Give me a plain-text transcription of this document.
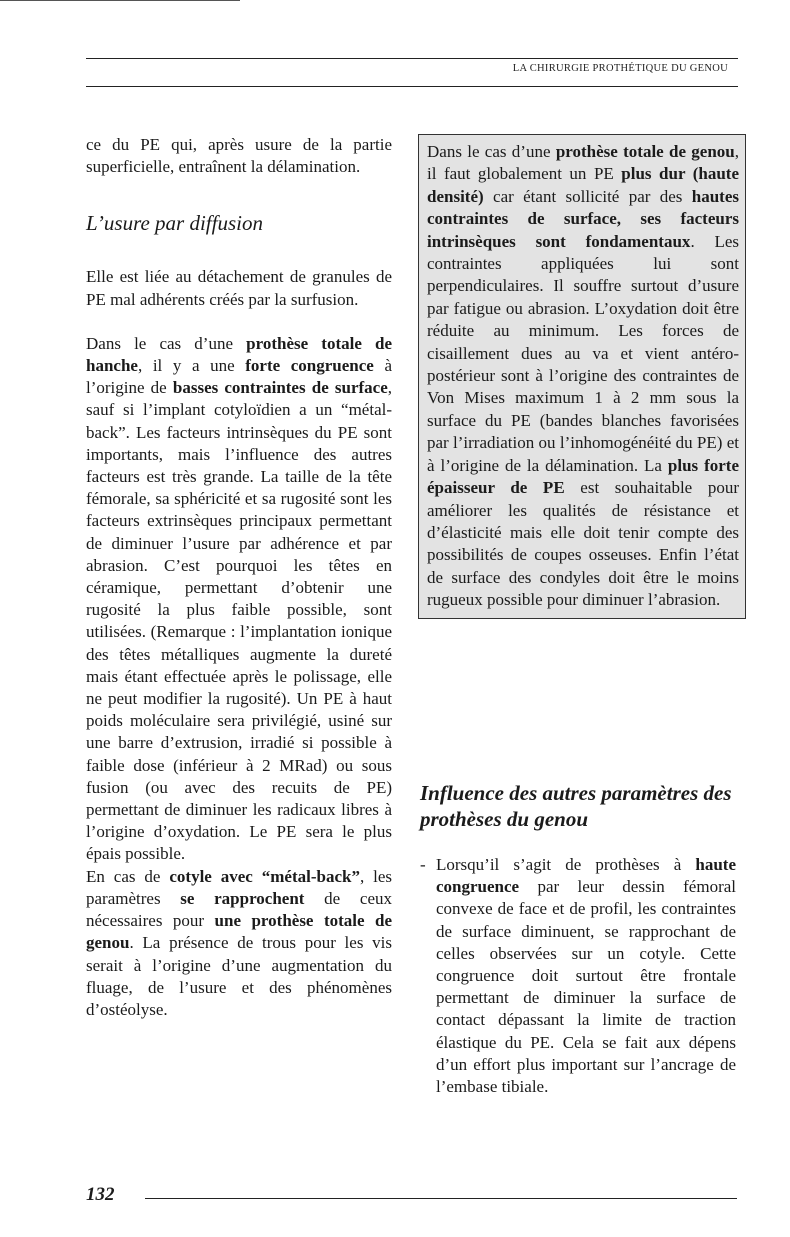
LA CHIRURGIE PROTHÉTIQUE DU GENOU

ce du PE qui, après usure de la partie superficielle, entraînent la délamination.

L’usure par diffusion

Elle est liée au détachement de granules de PE mal adhérents créés par la surfusion.

Dans le cas d’une prothèse totale de hanche, il y a une forte congruence à l’origine de basses contraintes de surface, sauf si l’implant cotyloïdien a un “métal-back”. Les facteurs intrinsèques du PE sont importants, mais l’influence des autres facteurs est très grande. La taille de la tête fémorale, sa sphéricité et sa rugosité sont les facteurs extrinsèques principaux permettant de diminuer l’usure par adhérence et par abrasion. C’est pourquoi les têtes en céramique, permettant d’obtenir une rugosité la plus faible possible, sont utilisées. (Remarque : l’implantation ionique des têtes métalliques augmente la dureté mais étant effectuée après le polissage, elle ne peut modifier la rugosité). Un PE à haut poids moléculaire sera privilégié, usiné sur une barre d’extrusion, irradié si possible à faible dose (inférieur à 2 MRad) ou sous fusion (ou avec des recuits de PE) permettant de diminuer les radicaux libres à l’origine d’oxydation. Le PE sera le plus épais possible.

En cas de cotyle avec “métal-back”, les paramètres se rapprochent de ceux nécessaires pour une prothèse totale de genou. La présence de trous pour les vis serait à l’origine d’une augmentation du fluage, de l’usure et des phénomènes d’ostéolyse.

Dans le cas d’une prothèse totale de genou, il faut globalement un PE plus dur (haute densité) car étant sollicité par des hautes contraintes de surface, ses facteurs intrinsèques sont fondamentaux. Les contraintes appliquées lui sont perpendiculaires. Il souffre surtout d’usure par fatigue ou abrasion. L’oxydation doit être réduite au minimum. Les forces de cisaillement dues au va et vient antéro-postérieur sont à l’origine des contraintes de Von Mises maximum 1 à 2 mm sous la surface du PE (bandes blanches favorisées par l’irradiation ou l’inhomogénéité du PE) et à l’origine de la délamination. La plus forte épaisseur de PE est souhaitable pour améliorer les qualités de résistance et d’élasticité mais elle doit tenir compte des possibilités de coupes osseuses. Enfin l’état de surface des condyles doit être le moins rugueux possible pour diminuer l’abrasion.

Influence des autres paramètres des prothèses du genou
- Lorsqu’il s’agit de prothèses à haute congruence par leur dessin fémoral convexe de face et de profil, les contraintes de surface diminuent, se rapprochant de celles observées sur un cotyle. Cette congruence doit surtout être frontale permettant de diminuer la surface de contact dépassant la limite de traction élastique du PE. Cela se fait aux dépens d’un effort plus important sur l’ancrage de l’embase tibiale.

132
